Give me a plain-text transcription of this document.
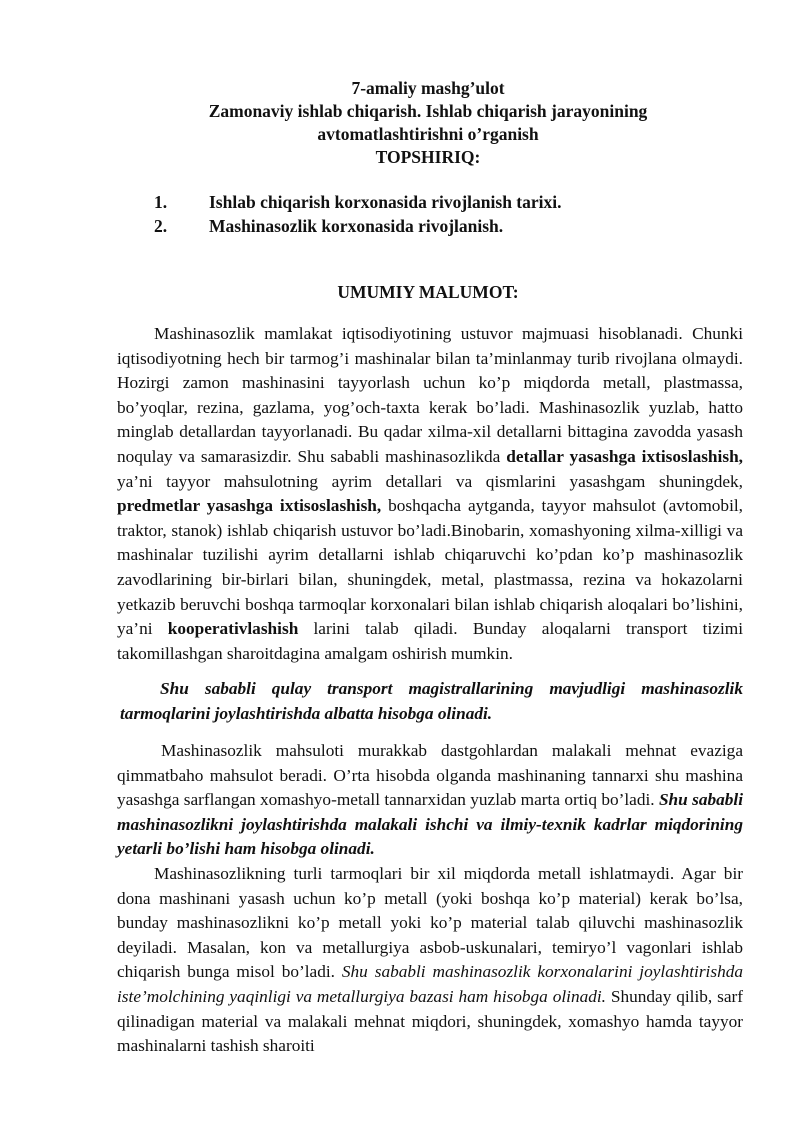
7-amaliy mashg’ulot
Zamonaviy ishlab chiqarish. Ishlab chiqarish jarayonining
avtomatlashtirishni o’rganish
TOPSHIRIQ:
1.	Ishlab chiqarish korxonasida rivojlanish tarixi.
2.	Mashinasozlik korxonasida rivojlanish.
UMUMIY MALUMOT:

Mashinasozlik mamlakat iqtisodiyotining ustuvor majmuasi hisoblanadi. Chunki iqtisodiyotning hech bir tarmog’i mashinalar bilan ta’minlanmay turib rivojlana olmaydi. Hozirgi zamon mashinasini tayyorlash uchun ko’p miqdorda metall, plastmassa, bo’yoqlar, rezina, gazlama, yog’och-taxta kerak bo’ladi. Mashinasozlik yuzlab, hatto minglab detallardan tayyorlanadi. Bu qadar xilma-xil detallarni bittagina zavodda yasash noqulay va samarasizdir. Shu sababli mashinasozlikda detallar yasashga ixtisoslashish, ya’ni tayyor mahsulotning ayrim detallari va qismlarini yasashgam shuningdek, predmetlar yasashga ixtisoslashish, boshqacha aytganda, tayyor mahsulot (avtomobil, traktor, stanok) ishlab chiqarish ustuvor bo’ladi.Binobarin, xomashyoning xilma-xilligi va mashinalar tuzilishi ayrim detallarni ishlab chiqaruvchi ko’pdan ko’p mashinasozlik zavodlarining bir-birlari bilan, shuningdek, metal, plastmassa, rezina va hokazolarni yetkazib beruvchi boshqa tarmoqlar korxonalari bilan ishlab chiqarish aloqalari bo’lishini, ya’ni kooperativlashish larini talab qiladi. Bunday aloqalarni transport tizimi takomillashgan sharoitdagina amalgam oshirish mumkin.

Shu sababli qulay transport magistrallarining mavjudligi mashinasozlik tarmoqlarini joylashtirishda albatta hisobga olinadi.

Mashinasozlik mahsuloti murakkab dastgohlardan malakali mehnat evaziga qimmatbaho mahsulot beradi. O’rta hisobda olganda mashinaning tannarxi shu mashina yasashga sarflangan xomashyo-metall tannarxidan yuzlab marta ortiq bo’ladi. Shu sababli mashinasozlikni joylashtirishda malakali ishchi va ilmiy-texnik kadrlar miqdorining yetarli bo’lishi ham hisobga olinadi.

Mashinasozlikning turli tarmoqlari bir xil miqdorda metall ishlatmaydi. Agar bir dona mashinani yasash uchun ko’p metall (yoki boshqa ko’p material) kerak bo’lsa, bunday mashinasozlikni ko’p metall yoki ko’p material talab qiluvchi mashinasozlik deyiladi. Masalan, kon va metallurgiya asbob-uskunalari, temiryo’l vagonlari ishlab chiqarish bunga misol bo’ladi. Shu sababli mashinasozlik korxonalarini joylashtirishda iste’molchining yaqinligi va metallurgiya bazasi ham hisobga olinadi. Shunday qilib, sarf qilinadigan material va malakali mehnat miqdori, shuningdek, xomashyo hamda tayyor mashinalarni tashish sharoiti
